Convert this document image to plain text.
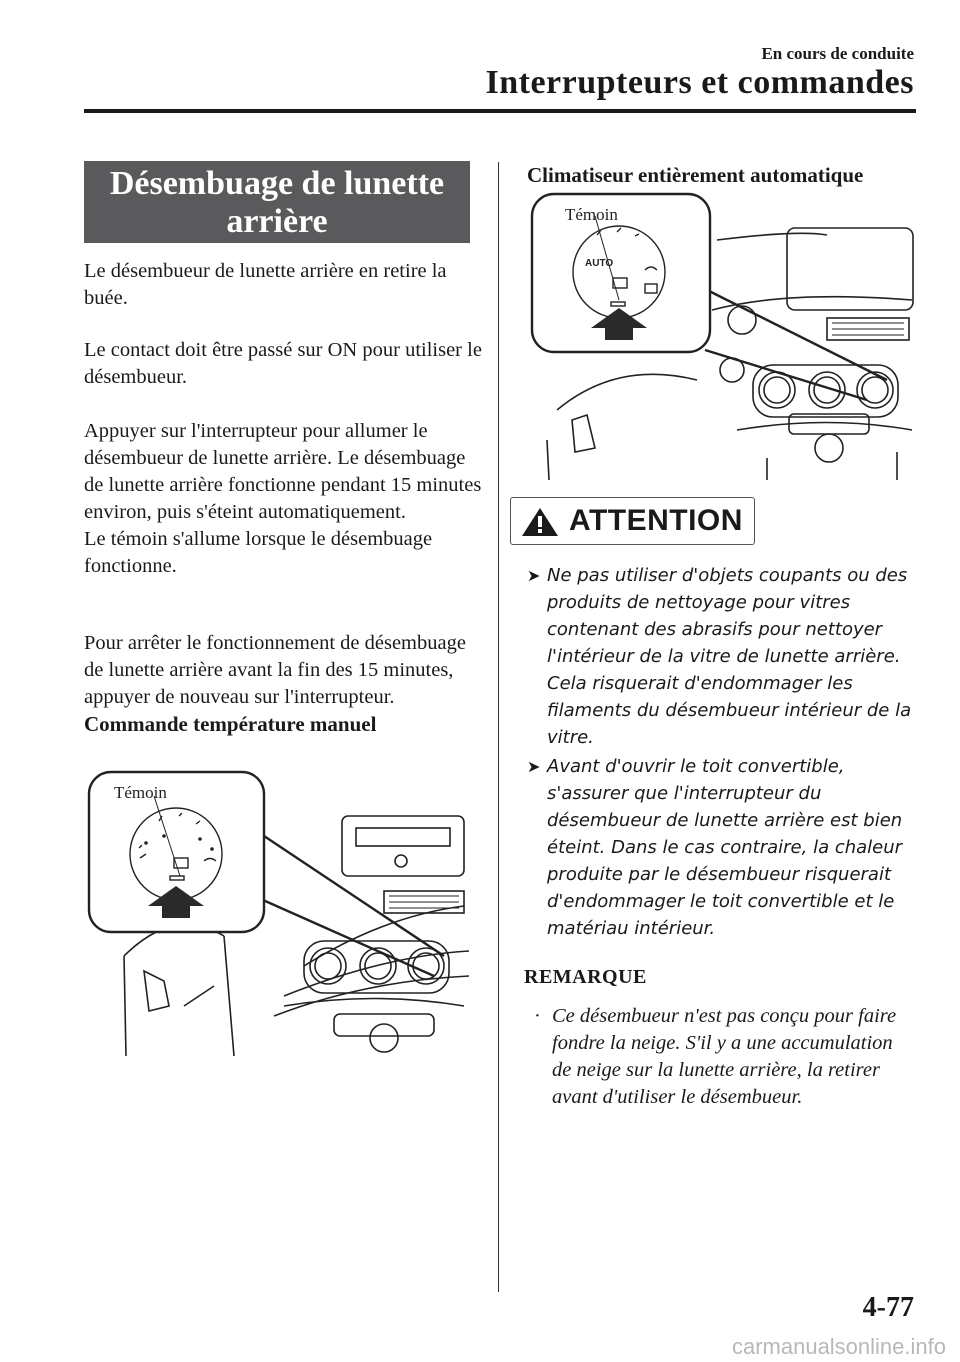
En cours de conduite
Interrupteurs et commandes
Désembuage de lunette
arrière

Le désembueur de lunette arrière en retire la buée.

Le contact doit être passé sur ON pour utiliser le désembueur.

Appuyer sur l'interrupteur pour allumer le désembueur de lunette arrière. Le désembuage de lunette arrière fonctionne pendant 15 minutes environ, puis s'éteint automatiquement.

Le témoin s'allume lorsque le désembuage fonctionne.

Pour arrêter le fonctionnement de désembuage de lunette arrière avant la fin des 15 minutes, appuyer de nouveau sur l'interrupteur.

Commande température manuel

Témoin

Climatiseur entièrement automatique

AUTO
Témoin
ATTENTION
➤ Ne pas utiliser d'objets coupants ou des produits de nettoyage pour vitres contenant des abrasifs pour nettoyer l'intérieur de la vitre de lunette arrière. Cela risquerait d'endommager les filaments du désembueur intérieur de la vitre.
➤ Avant d'ouvrir le toit convertible, s'assurer que l'interrupteur du désembueur de lunette arrière est bien éteint. Dans le cas contraire, la chaleur produite par le désembueur risquerait d'endommager le toit convertible et le matériau intérieur.
REMARQUE
· Ce désembueur n'est pas conçu pour faire fondre la neige. S'il y a une accumulation de neige sur la lunette arrière, la retirer avant d'utiliser le désembueur.
4-77
carmanualsonline.info
